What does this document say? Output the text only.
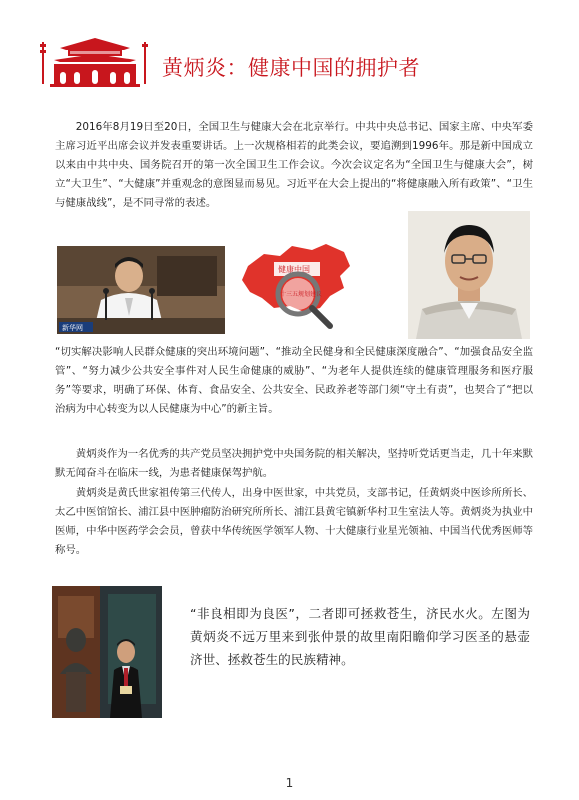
黄炳炎：健康中国的拥护者

2016年8月19日至20日，全国卫生与健康大会在北京举行。中共中央总书记、国家主席、中央军委主席习近平出席会议并发表重要讲话。上一次规格相若的此类会议，要追溯到1996年。那是新中国成立以来由中共中央、国务院召开的第一次全国卫生工作会议。今次会议定名为“全国卫生与健康大会”，树立“大卫生”、“大健康”并重观念的意图显而易见。习近平在大会上提出的“将健康融入所有政策”、“卫生与健康战线”，是不同寻常的表述。

新华网
健康中国
十三五规划建议

“切实解决影响人民群众健康的突出环境问题”、“推动全民健身和全民健康深度融合”、“加强食品安全监管”、“努力减少公共安全事件对人民生命健康的威胁”、“为老年人提供连续的健康管理服务和医疗服务”等要求，明确了环保、体育、食品安全、公共安全、民政养老等部门须“守土有责”，也契合了“把以治病为中心转变为以人民健康为中心”的新主旨。

黄炳炎作为一名优秀的共产党员坚决拥护党中央国务院的相关解决，坚持听党话更当走，几十年来默默无闻奋斗在临床一线，为患者健康保驾护航。

黄炳炎是黄氏世家祖传第三代传人，出身中医世家，中共党员，支部书记，任黄炳炎中医诊所所长、太乙中医馆馆长、浦江县中医肿瘤防治研究所所长、浦江县黄宅镇新华村卫生室法人等。黄炳炎为执业中医师，中华中医药学会会员，曾获中华传统医学领军人物、十大健康行业星光领袖、中国当代优秀医师等称号。

“非良相即为良医”，二者即可拯救苍生，济民水火。左图为黄炳炎不远万里来到张仲景的故里南阳瞻仰学习医圣的悬壶济世、拯救苍生的民族精神。

1
